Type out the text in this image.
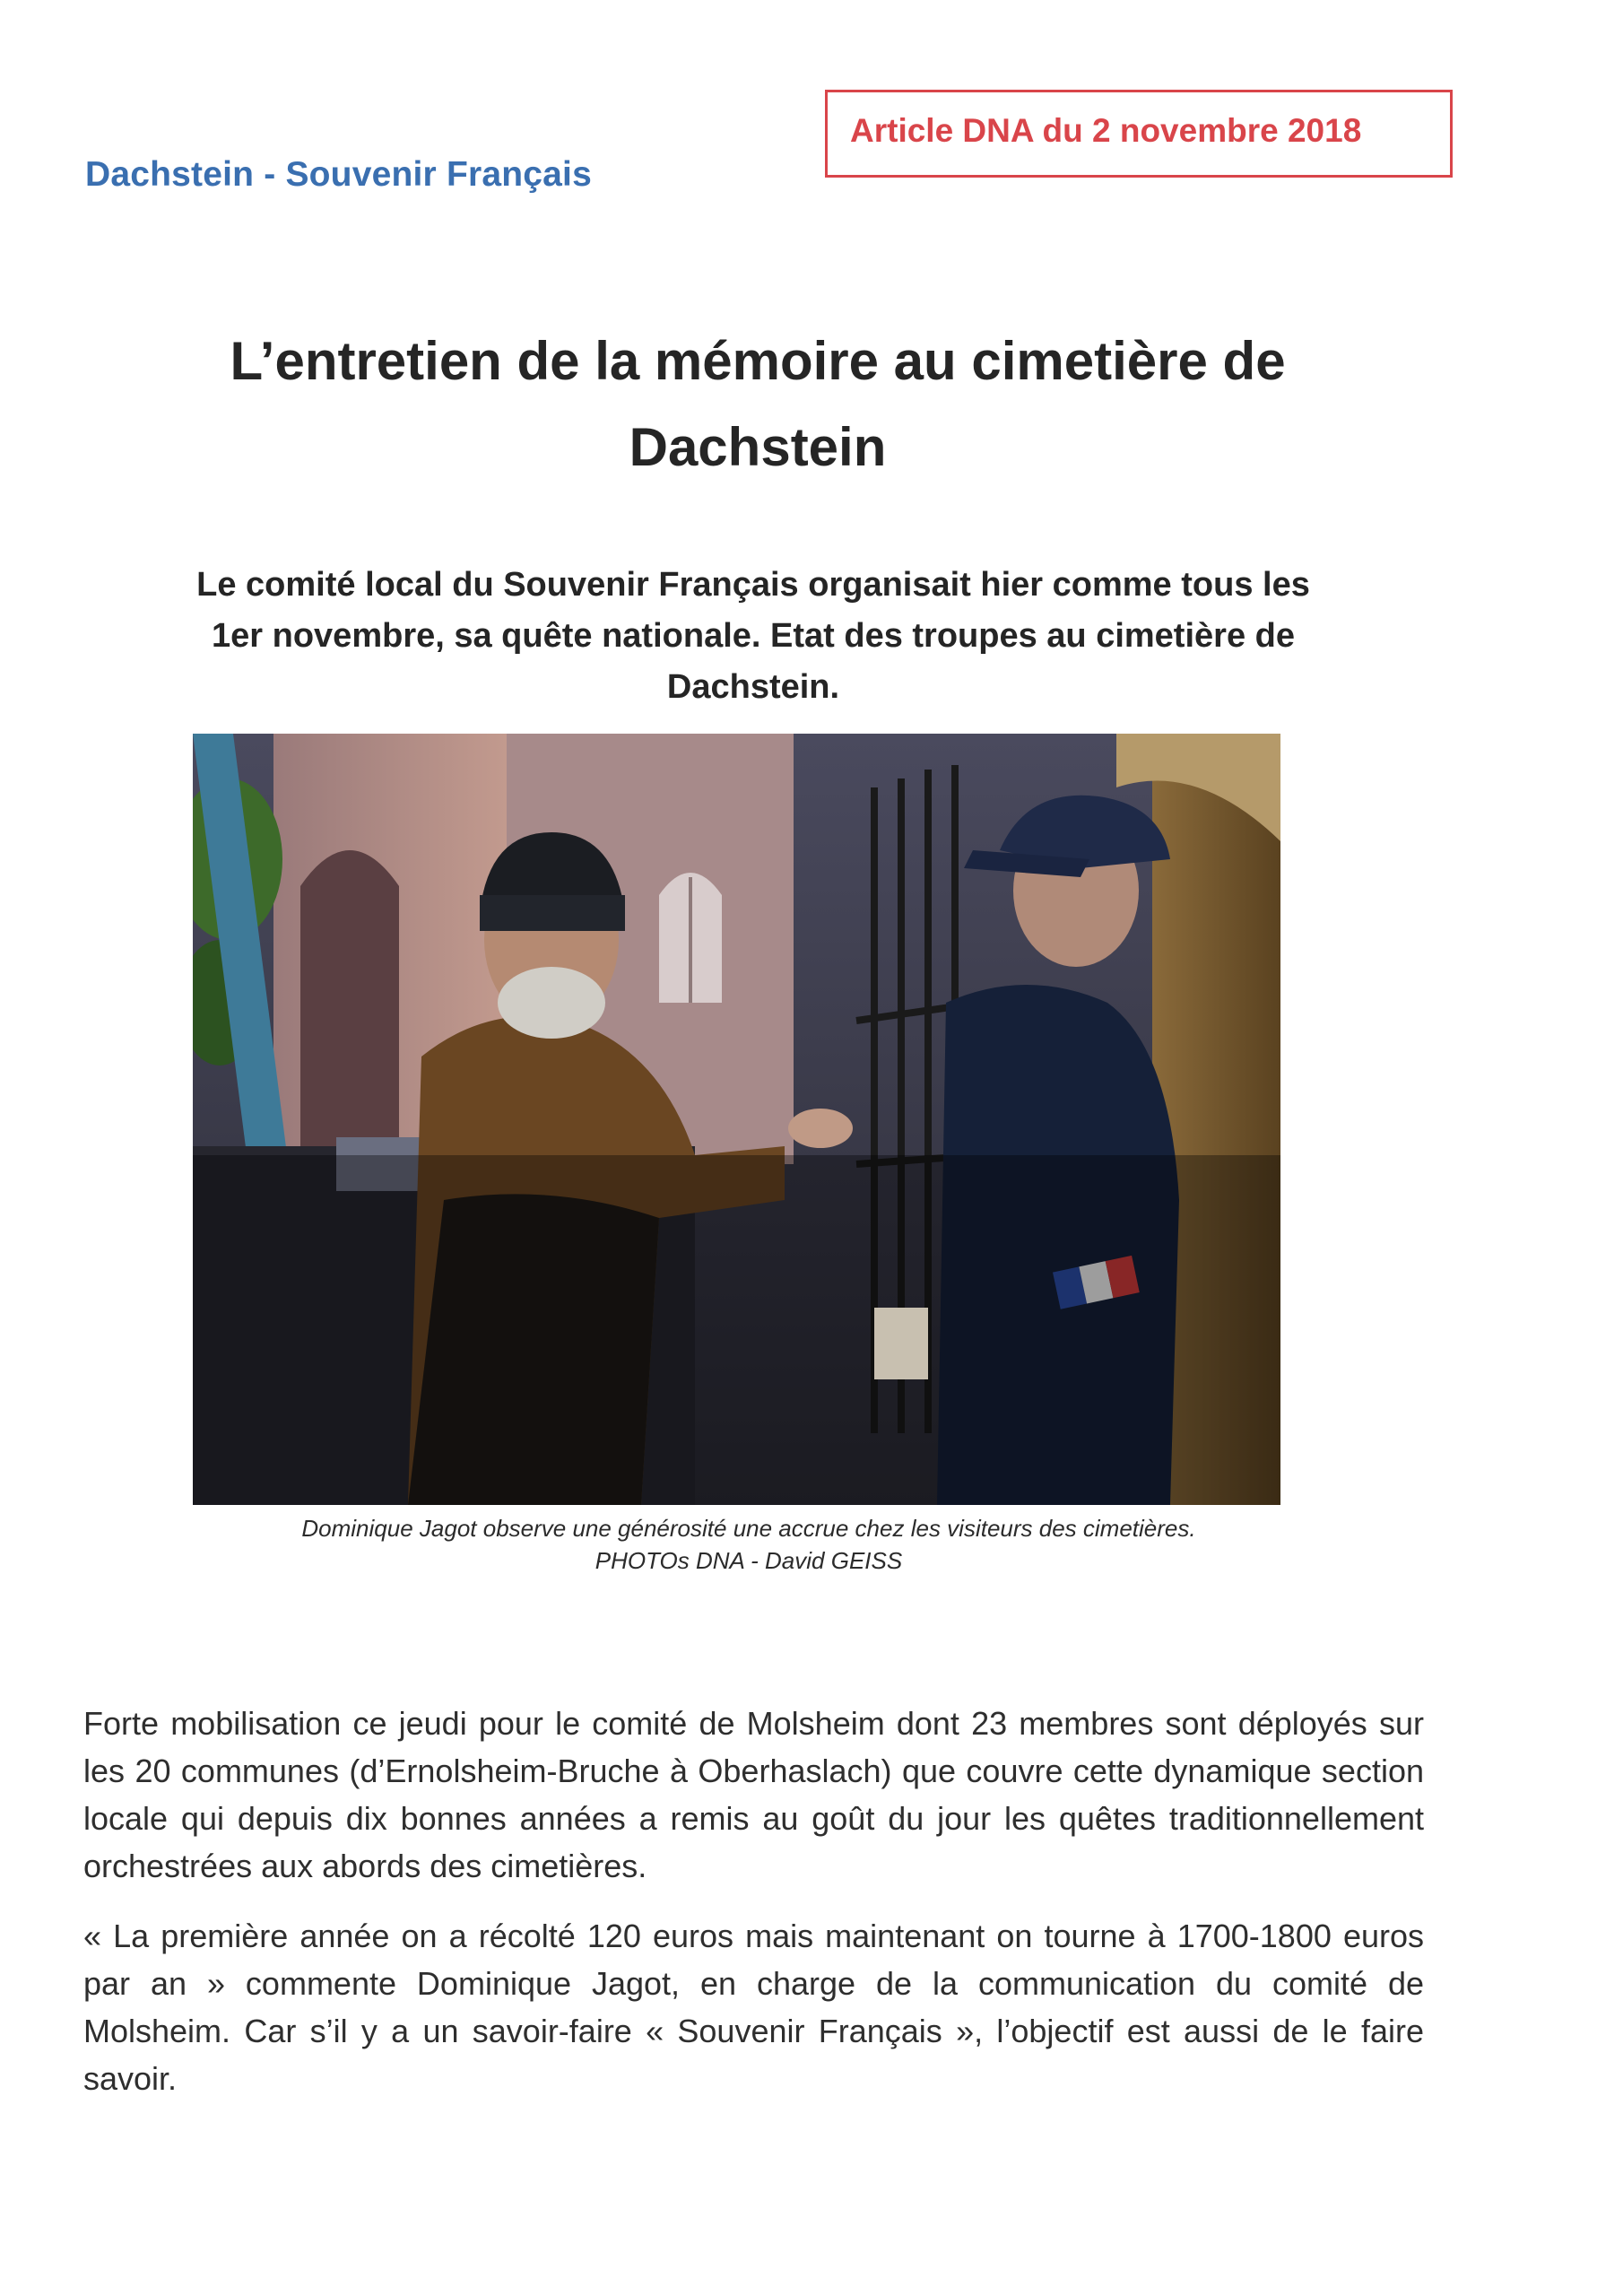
Dachstein - Souvenir Français
Article DNA du 2 novembre 2018
L’entretien de la mémoire au cimetière de
Dachstein
Le comité local du Souvenir Français organisait hier comme tous les
1er novembre, sa quête nationale. Etat des troupes au cimetière de
Dachstein.
Dominique Jagot observe une générosité une accrue chez les visiteurs des cimetières.
PHOTOs DNA - David GEISS

Forte mobilisation ce jeudi pour le comité de Molsheim dont 23 membres sont déployés sur les 20 communes (d’Ernolsheim-Bruche à Oberhaslach) que couvre cette dynamique section locale qui depuis dix bonnes années a remis au goût du jour les quêtes traditionnellement orchestrées aux abords des cimetières.

« La première année on a récolté 120 euros mais maintenant on tourne à 1700-1800 euros par an » commente Dominique Jagot, en charge de la communication du comité de Molsheim. Car s’il y a un savoir-faire « Souvenir Français », l’objectif est aussi de le faire savoir.
